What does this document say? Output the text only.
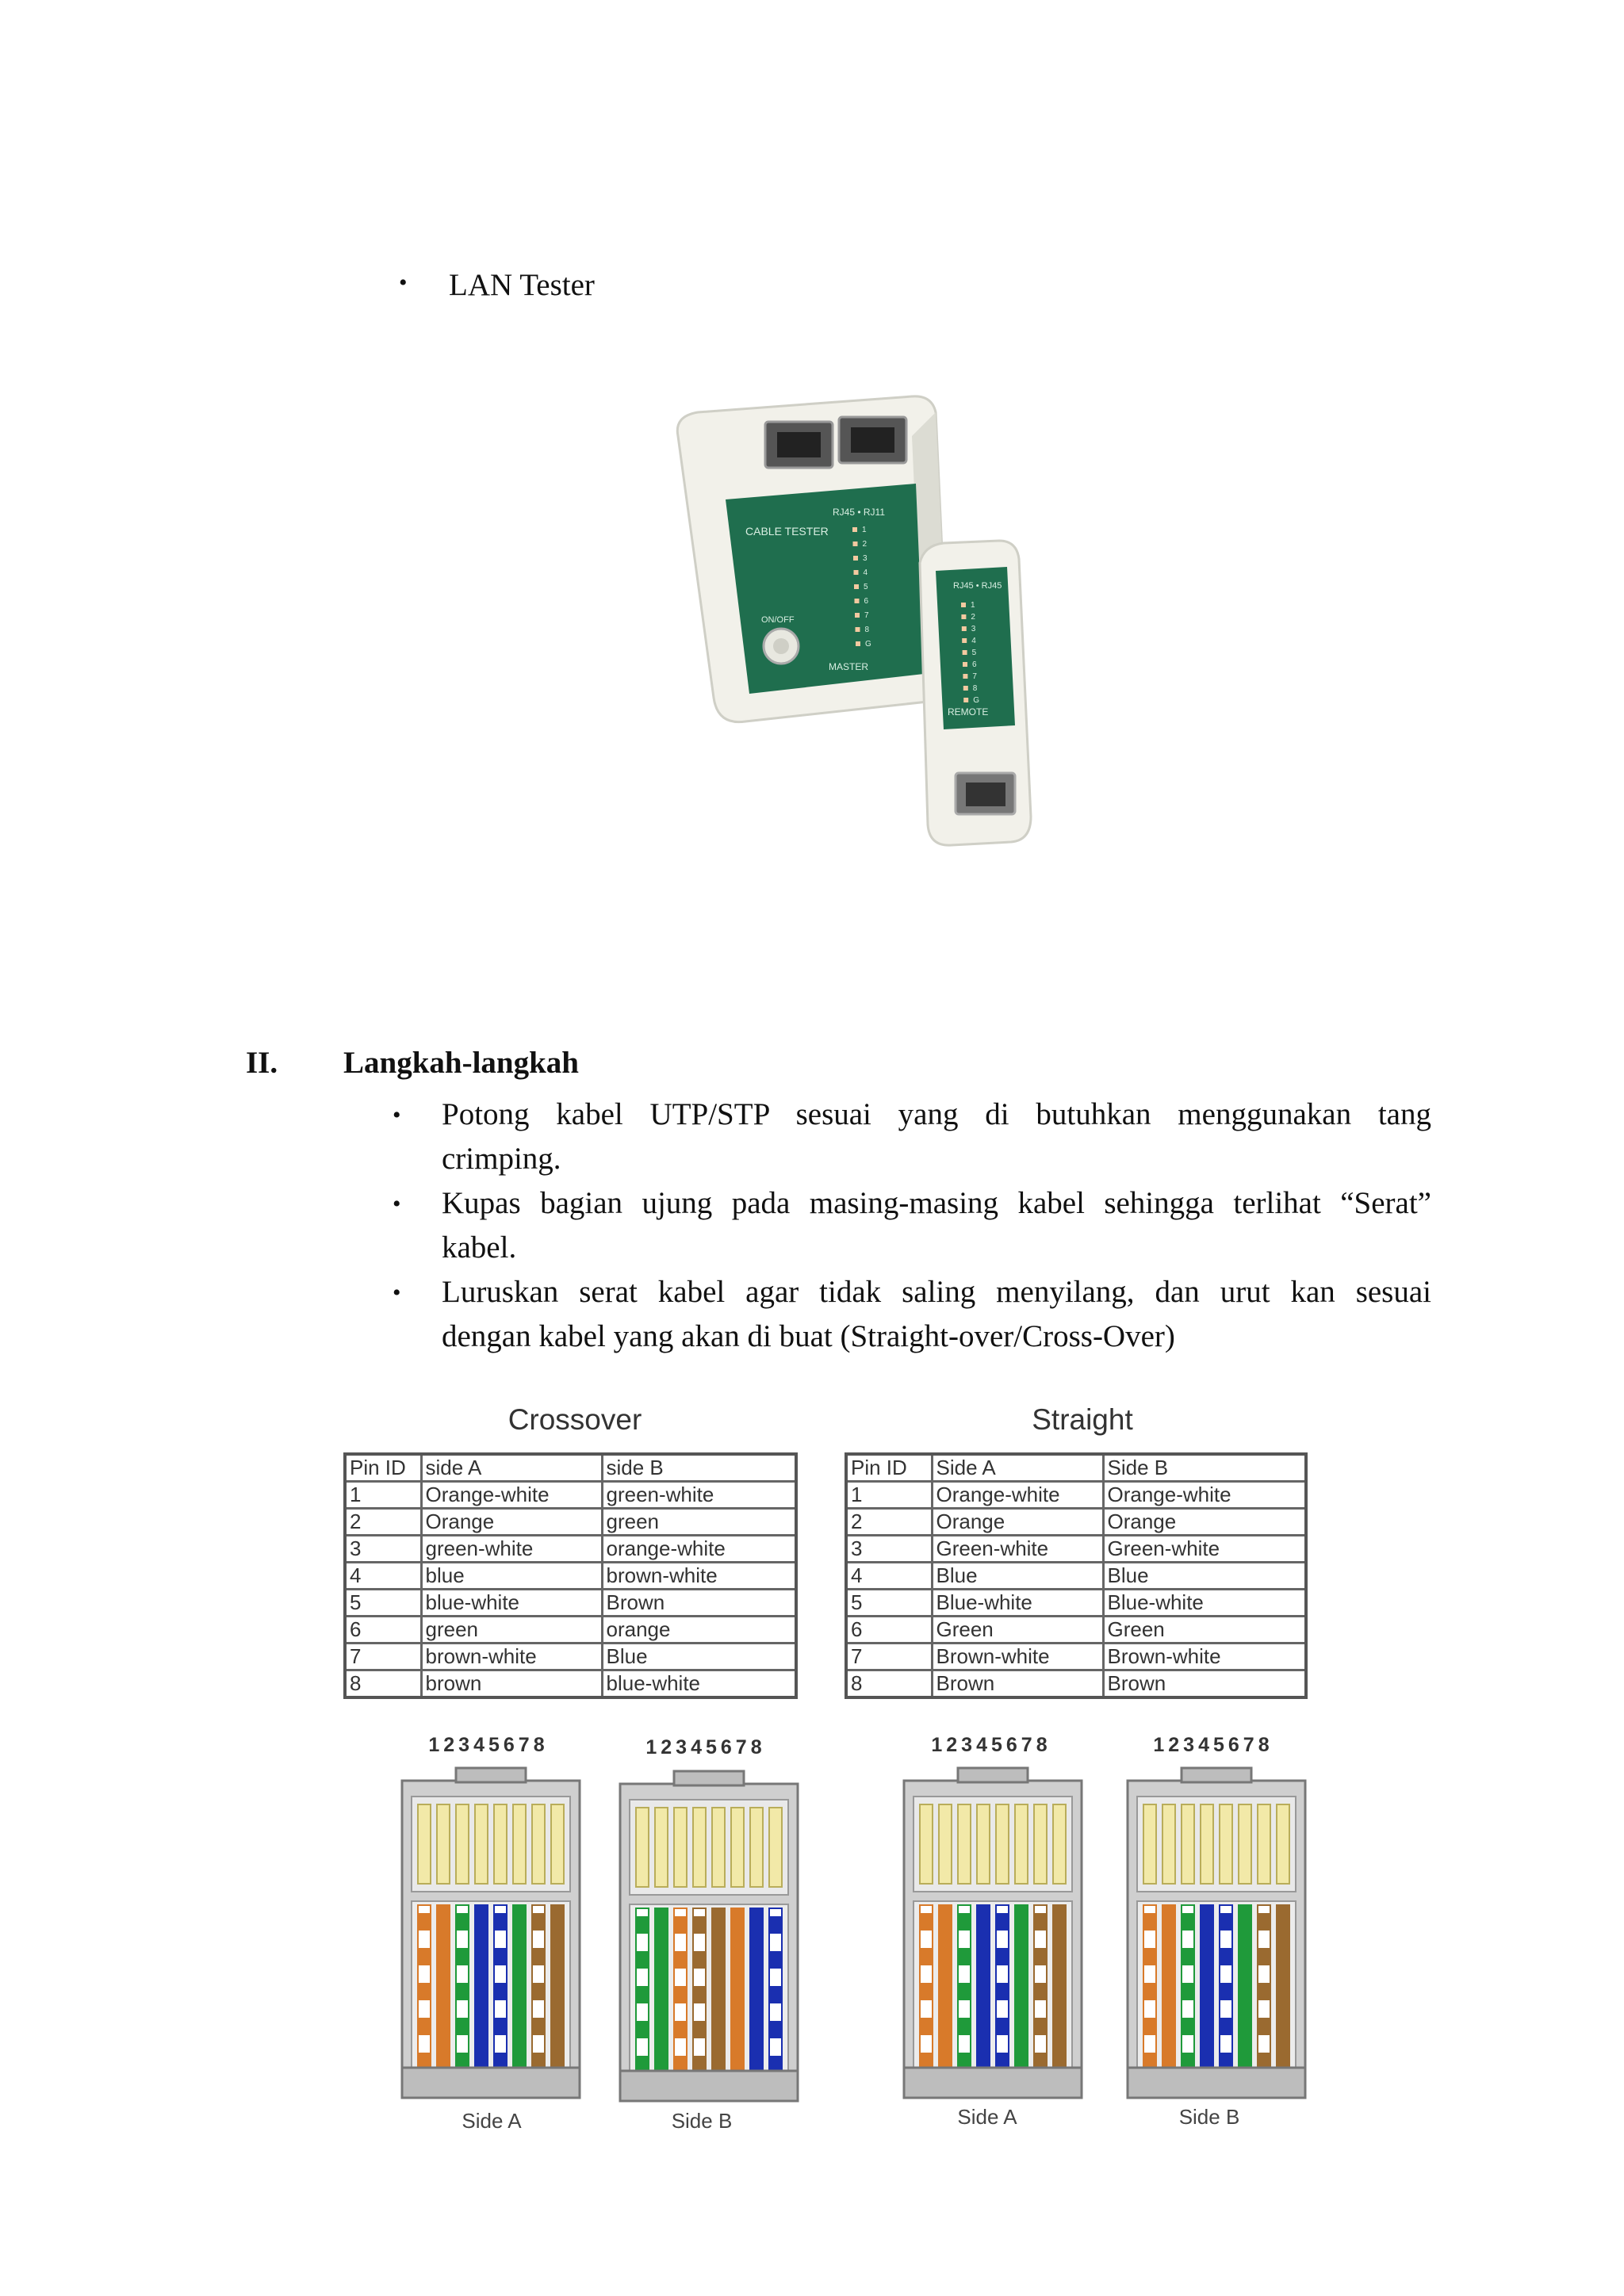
• LAN Tester
CABLE TESTER
RJ45 • RJ11
MASTER
ON/OFF
1
2
3
4
5
6
7
8
G
RJ45 • RJ45
REMOTE
1
2
3
4
5
6
7
8
G
II. Langkah-langkah
• Potong kabel UTP/STP sesuai yang di butuhkan menggunakan tang
crimping.
• Kupas bagian ujung pada masing-masing kabel sehingga terlihat “Serat”
kabel.
• Luruskan serat kabel agar tidak saling menyilang, dan urut kan sesuai
dengan kabel yang akan di buat (Straight-over/Cross-Over)
Crossover
Pin ID	side A	side B
1	Orange-white	green-white
2	Orange	green
3	green-white	orange-white
4	blue	brown-white
5	blue-white	Brown
6	green	orange
7	brown-white	Blue
8	brown	blue-white
12345678	12345678
Side A	Side B
Straight
Pin ID	Side A	Side B
1	Orange-white	Orange-white
2	Orange	Orange
3	Green-white	Green-white
4	Blue	Blue
5	Blue-white	Blue-white
6	Green	Green
7	Brown-white	Brown-white
8	Brown	Brown
12345678	12345678
Side A	Side B
